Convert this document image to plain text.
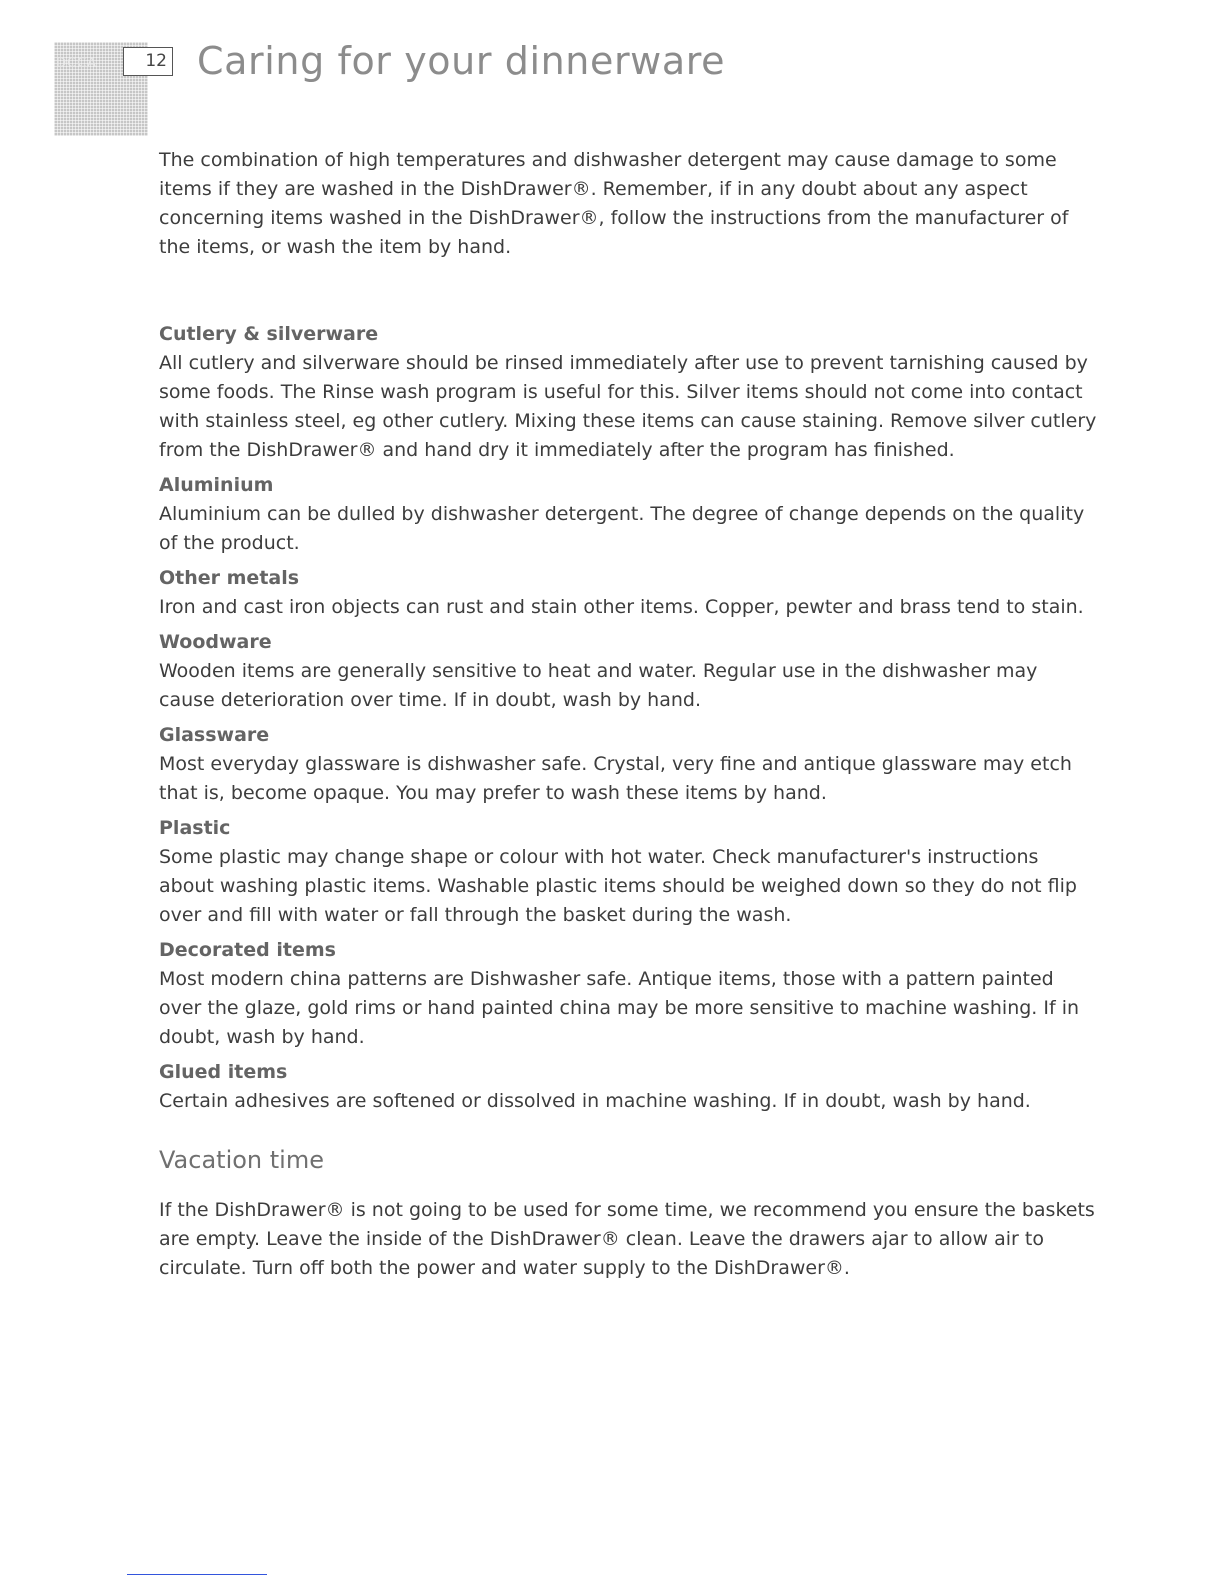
DCCA	12 Caring for your dinnerware

The combination of high temperatures and dishwasher detergent may cause damage to some items if they are washed in the DishDrawer®. Remember, if in any doubt about any aspect concerning items washed in the DishDrawer®, follow the instructions from the manufacturer of the items, or wash the item by hand.

Cutlery & silverware

All cutlery and silverware should be rinsed immediately after use to prevent tarnishing caused by some foods. The Rinse wash program is useful for this. Silver items should not come into contact with stainless steel, eg other cutlery. Mixing these items can cause staining. Remove silver cutlery from the DishDrawer® and hand dry it immediately after the program has finished.

Aluminium

Aluminium can be dulled by dishwasher detergent. The degree of change depends on the quality of the product.

Other metals

Iron and cast iron objects can rust and stain other items. Copper, pewter and brass tend to stain.

Woodware

Wooden items are generally sensitive to heat and water. Regular use in the dishwasher may cause deterioration over time. If in doubt, wash by hand.

Glassware

Most everyday glassware is dishwasher safe. Crystal, very fine and antique glassware may etch that is, become opaque. You may prefer to wash these items by hand.

Plastic

Some plastic may change shape or colour with hot water. Check manufacturer's instructions about washing plastic items. Washable plastic items should be weighed down so they do not flip over and fill with water or fall through the basket during the wash.

Decorated items

Most modern china patterns are Dishwasher safe. Antique items, those with a pattern painted over the glaze, gold rims or hand painted china may be more sensitive to machine washing. If in doubt, wash by hand.

Glued items

Certain adhesives are softened or dissolved in machine washing. If in doubt, wash by hand.

Vacation time

If the DishDrawer® is not going to be used for some time, we recommend you ensure the baskets are empty. Leave the inside of the DishDrawer® clean. Leave the drawers ajar to allow air to circulate. Turn off both the power and water supply to the DishDrawer®.
